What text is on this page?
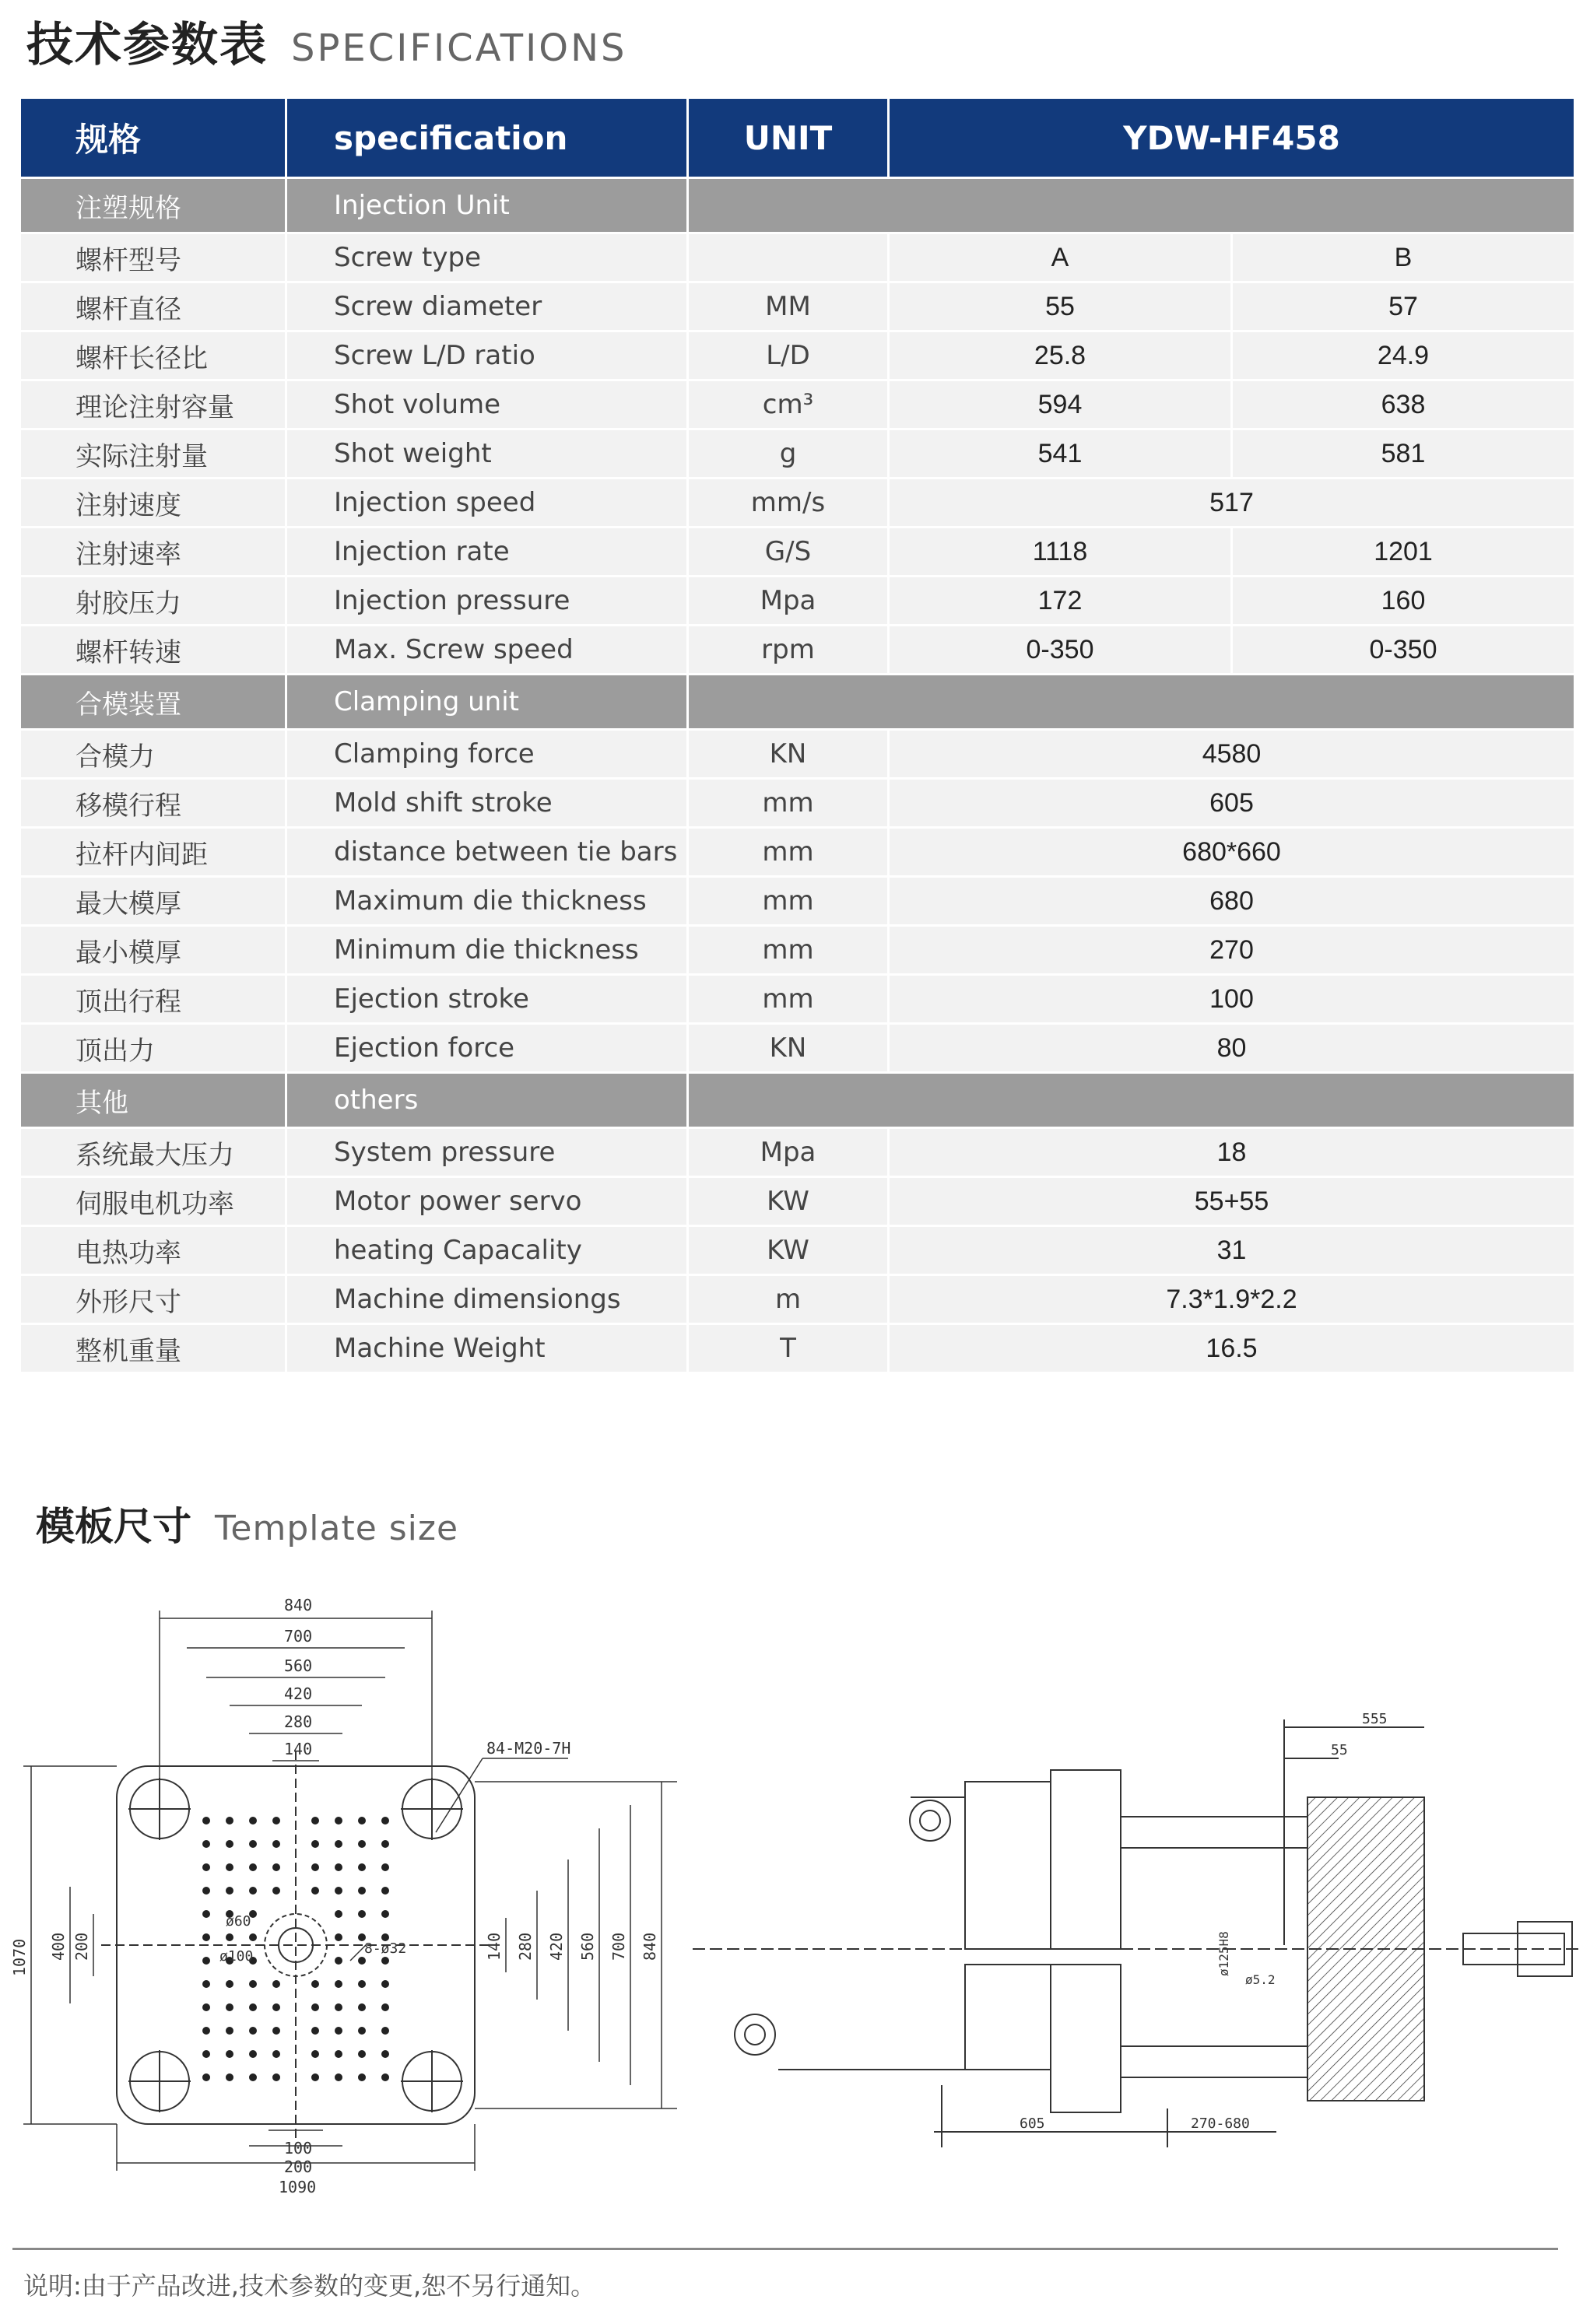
技术参数表 SPECIFICATIONS
规格	specification	UNIT	YDW-HF458	
注塑规格	Injection Unit			
螺杆型号	Screw type		A	B
螺杆直径	Screw diameter	MM	55	57
螺杆长径比	Screw L/D ratio	L/D	25.8	24.9
理论注射容量	Shot volume	cm³	594	638
实际注射量	Shot weight	g	541	581
注射速度	Injection speed	mm/s	517	
注射速率	Injection rate	G/S	1118	1201
射胶压力	Injection pressure	Mpa	172	160
螺杆转速	Max. Screw speed	rpm	0-350	0-350
合模装置	Clamping unit			
合模力	Clamping force	KN	4580	
移模行程	Mold shift stroke	mm	605	
拉杆内间距	distance between tie bars	mm	680*660	
最大模厚	Maximum die thickness	mm	680	
最小模厚	Minimum die thickness	mm	270	
顶出行程	Ejection stroke	mm	100	
顶出力	Ejection force	KN	80	
其他	others			
系统最大压力	System pressure	Mpa	18	
伺服电机功率	Motor power servo	KW	55+55	
电热功率	heating Capacality	KW	31	
外形尺寸	Machine dimensiongs	m	7.3*1.9*2.2	
整机重量	Machine Weight	T	16.5	
模板尺寸 Template size
840
700
560
420
280
140	84-M20-7H
ø60
ø100	8-ø32
1070 400 200	140 280 420 560 700 840
100
200
1090
555
55
ø125H8
ø5.2
605	270-680
说明:由于产品改进,技术参数的变更,恕不另行通知。
